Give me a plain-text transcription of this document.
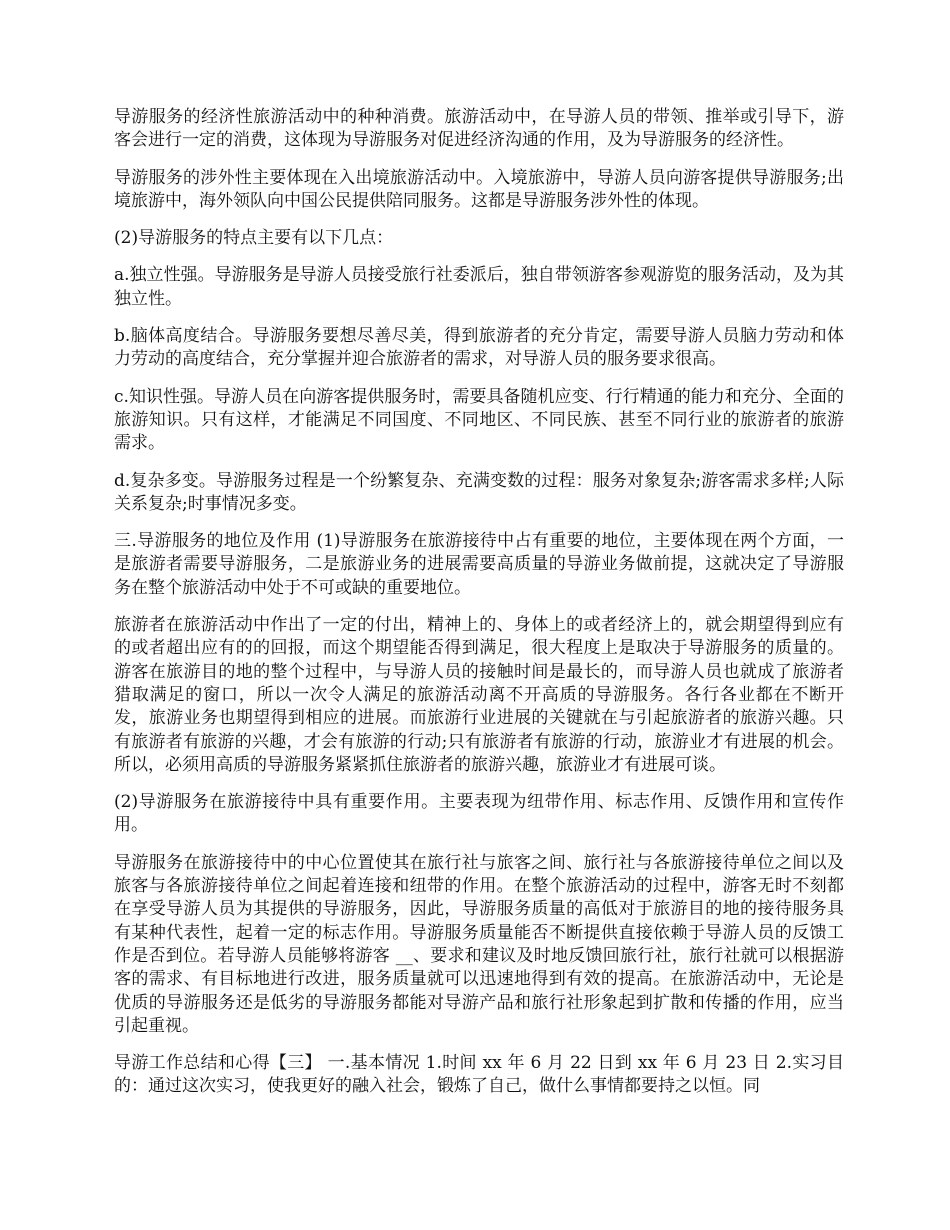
导游服务的经济性旅游活动中的种种消费。旅游活动中，在导游人员的带领、推举或引导下，游客会进行一定的消费，这体现为导游服务对促进经济沟通的作用，及为导游服务的经济性。

导游服务的涉外性主要体现在入出境旅游活动中。入境旅游中，导游人员向游客提供导游服务;出境旅游中，海外领队向中国公民提供陪同服务。这都是导游服务涉外性的体现。

(2)导游服务的特点主要有以下几点：

a.独立性强。导游服务是导游人员接受旅行社委派后，独自带领游客参观游览的服务活动，及为其独立性。

b.脑体高度结合。导游服务要想尽善尽美，得到旅游者的充分肯定，需要导游人员脑力劳动和体力劳动的高度结合，充分掌握并迎合旅游者的需求，对导游人员的服务要求很高。

c.知识性强。导游人员在向游客提供服务时，需要具备随机应变、行行精通的能力和充分、全面的旅游知识。只有这样，才能满足不同国度、不同地区、不同民族、甚至不同行业的旅游者的旅游需求。

d.复杂多变。导游服务过程是一个纷繁复杂、充满变数的过程：服务对象复杂;游客需求多样;人际关系复杂;时事情况多变。

三.导游服务的地位及作用 (1)导游服务在旅游接待中占有重要的地位，主要体现在两个方面，一是旅游者需要导游服务，二是旅游业务的进展需要高质量的导游业务做前提，这就决定了导游服务在整个旅游活动中处于不可或缺的重要地位。

旅游者在旅游活动中作出了一定的付出，精神上的、身体上的或者经济上的，就会期望得到应有的或者超出应有的的回报，而这个期望能否得到满足，很大程度上是取决于导游服务的质量的。游客在旅游目的地的整个过程中，与导游人员的接触时间是最长的，而导游人员也就成了旅游者猎取满足的窗口，所以一次令人满足的旅游活动离不开高质的导游服务。各行各业都在不断开发，旅游业务也期望得到相应的进展。而旅游行业进展的关键就在与引起旅游者的旅游兴趣。只有旅游者有旅游的兴趣，才会有旅游的行动;只有旅游者有旅游的行动，旅游业才有进展的机会。所以，必须用高质的导游服务紧紧抓住旅游者的旅游兴趣，旅游业才有进展可谈。

(2)导游服务在旅游接待中具有重要作用。主要表现为纽带作用、标志作用、反馈作用和宣传作用。

导游服务在旅游接待中的中心位置使其在旅行社与旅客之间、旅行社与各旅游接待单位之间以及旅客与各旅游接待单位之间起着连接和纽带的作用。在整个旅游活动的过程中，游客无时不刻都在享受导游人员为其提供的导游服务，因此，导游服务质量的高低对于旅游目的地的接待服务具有某种代表性，起着一定的标志作用。导游服务质量能否不断提供直接依赖于导游人员的反馈工作是否到位。若导游人员能够将游客 __、要求和建议及时地反馈回旅行社，旅行社就可以根据游客的需求、有目标地进行改进，服务质量就可以迅速地得到有效的提高。在旅游活动中，无论是优质的导游服务还是低劣的导游服务都能对导游产品和旅行社形象起到扩散和传播的作用，应当引起重视。

导游工作总结和心得【三】 一.基本情况 1.时间 xx 年 6 月 22 日到 xx 年 6 月 23 日 2.实习目的：通过这次实习，使我更好的融入社会，锻炼了自己，做什么事情都要持之以恒。同
